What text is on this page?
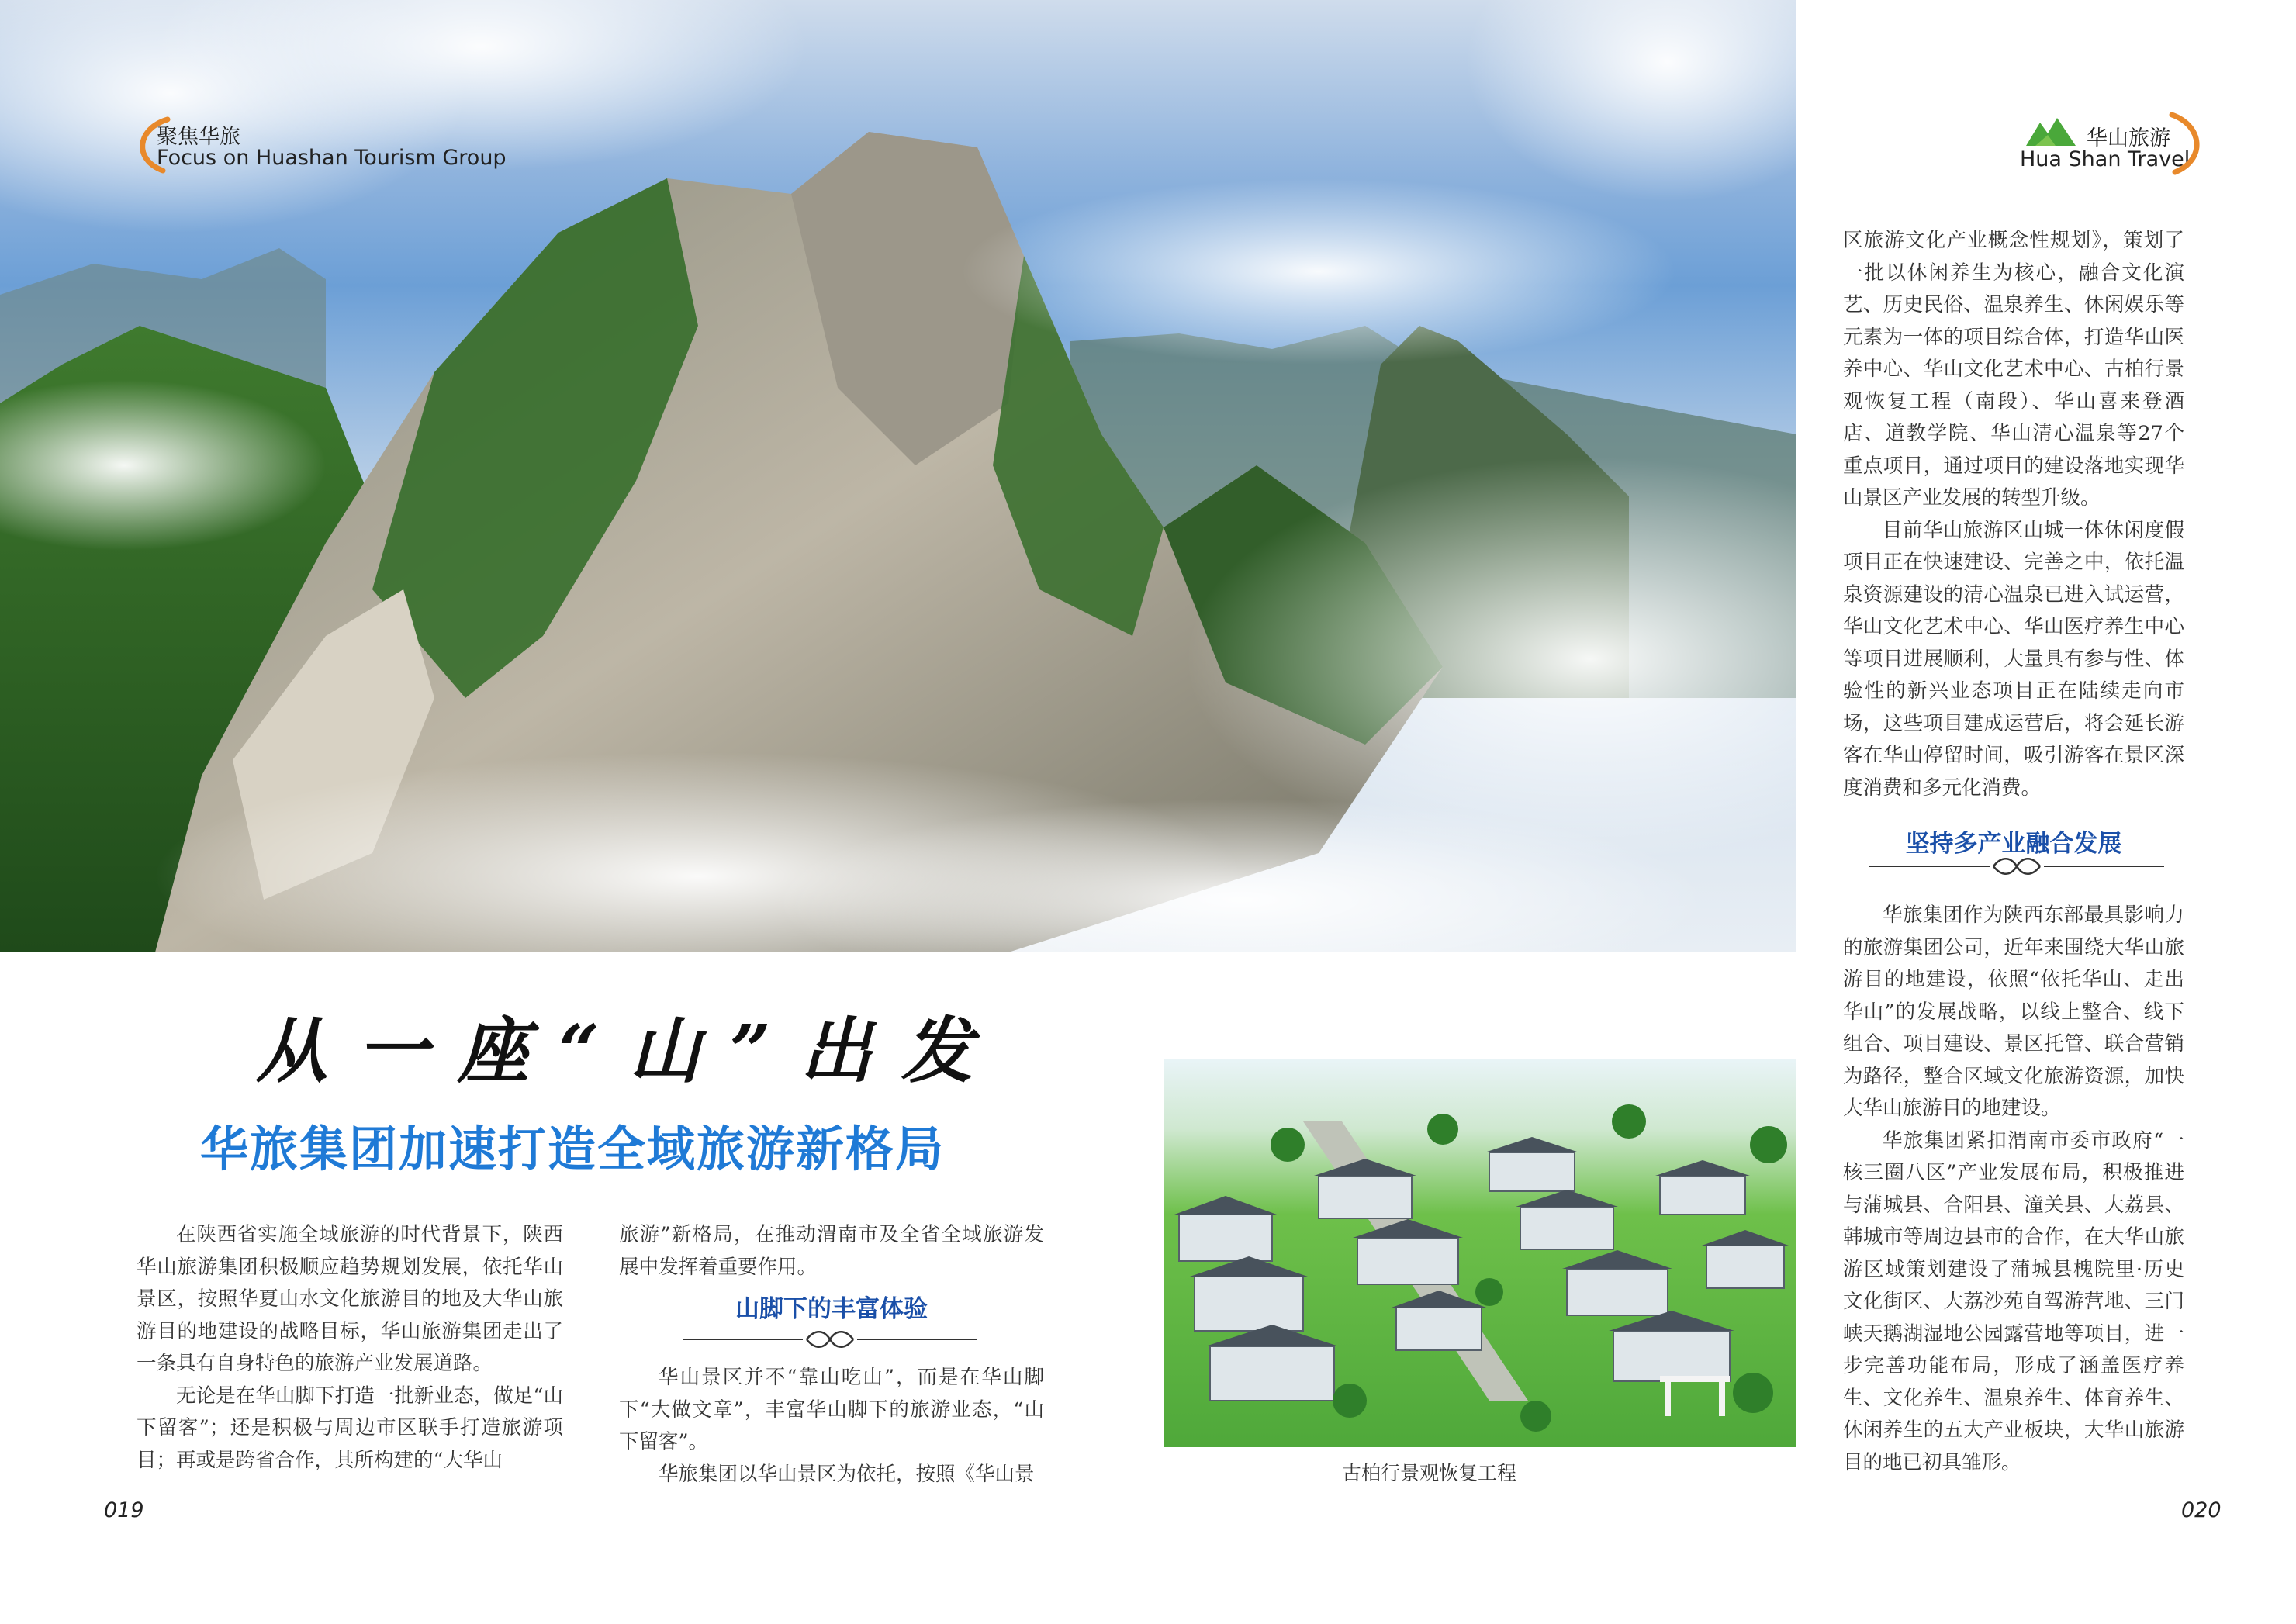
聚焦华旅
Focus on Huashan Tourism Group
华山旅游
Hua Shan Travel
从一座“山”出发
华旅集团加速打造全域旅游新格局

在陕西省实施全域旅游的时代背景下，陕西华山旅游集团积极顺应趋势规划发展，依托华山景区，按照华夏山水文化旅游目的地及大华山旅游目的地建设的战略目标，华山旅游集团走出了一条具有自身特色的旅游产业发展道路。

无论是在华山脚下打造一批新业态，做足“山下留客”；还是积极与周边市区联手打造旅游项目；再或是跨省合作，其所构建的“大华山

旅游”新格局，在推动渭南市及全省全域旅游发展中发挥着重要作用。

山脚下的丰富体验

华山景区并不“靠山吃山”，而是在华山脚下“大做文章”，丰富华山脚下的旅游业态，“山下留客”。

华旅集团以华山景区为依托，按照《华山景	古柏行景观恢复工程

区旅游文化产业概念性规划》，策划了一批以休闲养生为核心，融合文化演艺、历史民俗、温泉养生、休闲娱乐等元素为一体的项目综合体，打造华山医养中心、华山文化艺术中心、古柏行景观恢复工程（南段）、华山喜来登酒店、道教学院、华山清心温泉等27个重点项目，通过项目的建设落地实现华山景区产业发展的转型升级。

目前华山旅游区山城一体休闲度假项目正在快速建设、完善之中，依托温泉资源建设的清心温泉已进入试运营，华山文化艺术中心、华山医疗养生中心等项目进展顺利，大量具有参与性、体验性的新兴业态项目正在陆续走向市场，这些项目建成运营后，将会延长游客在华山停留时间，吸引游客在景区深度消费和多元化消费。

坚持多产业融合发展

华旅集团作为陕西东部最具影响力的旅游集团公司，近年来围绕大华山旅游目的地建设，依照“依托华山、走出华山”的发展战略，以线上整合、线下组合、项目建设、景区托管、联合营销为路径，整合区域文化旅游资源，加快大华山旅游目的地建设。

华旅集团紧扣渭南市委市政府“一核三圈八区”产业发展布局，积极推进与蒲城县、合阳县、潼关县、大荔县、韩城市等周边县市的合作，在大华山旅游区域策划建设了蒲城县槐院里·历史文化街区、大荔沙苑自驾游营地、三门峡天鹅湖湿地公园露营地等项目，进一步完善功能布局，形成了涵盖医疗养生、文化养生、温泉养生、体育养生、休闲养生的五大产业板块，大华山旅游目的地已初具雏形。

019	020
